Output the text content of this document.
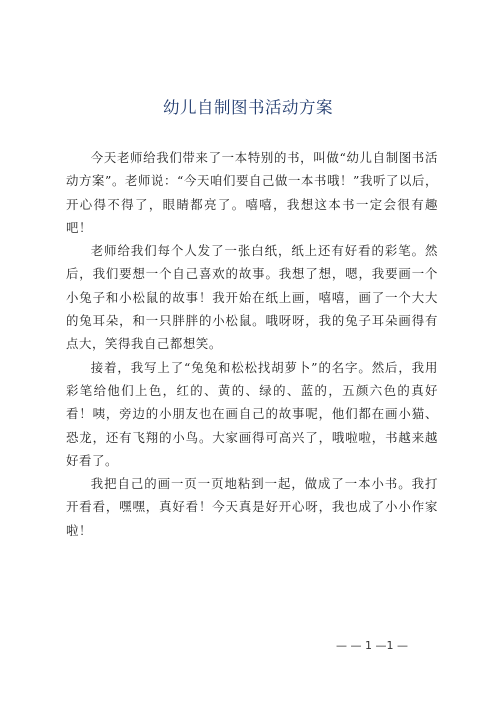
幼儿自制图书活动方案

今天老师给我们带来了一本特别的书，叫做“幼儿自制图书活动方案”。老师说：“今天咱们要自己做一本书哦！”我听了以后，开心得不得了，眼睛都亮了。嘻嘻，我想这本书一定会很有趣吧！

老师给我们每个人发了一张白纸，纸上还有好看的彩笔。然后，我们要想一个自己喜欢的故事。我想了想，嗯，我要画一个小兔子和小松鼠的故事！我开始在纸上画，嘻嘻，画了一个大大的兔耳朵，和一只胖胖的小松鼠。哦呀呀，我的兔子耳朵画得有点大，笑得我自己都想笑。

接着，我写上了“兔兔和松松找胡萝卜”的名字。然后，我用彩笔给他们上色，红的、黄的、绿的、蓝的，五颜六色的真好看！咦，旁边的小朋友也在画自己的故事呢，他们都在画小猫、恐龙，还有飞翔的小鸟。大家画得可高兴了，哦啦啦，书越来越好看了。

我把自己的画一页一页地粘到一起，做成了一本小书。我打开看看，嘿嘿，真好看！今天真是好开心呀，我也成了小小作家啦！

— — 1 —1 —
